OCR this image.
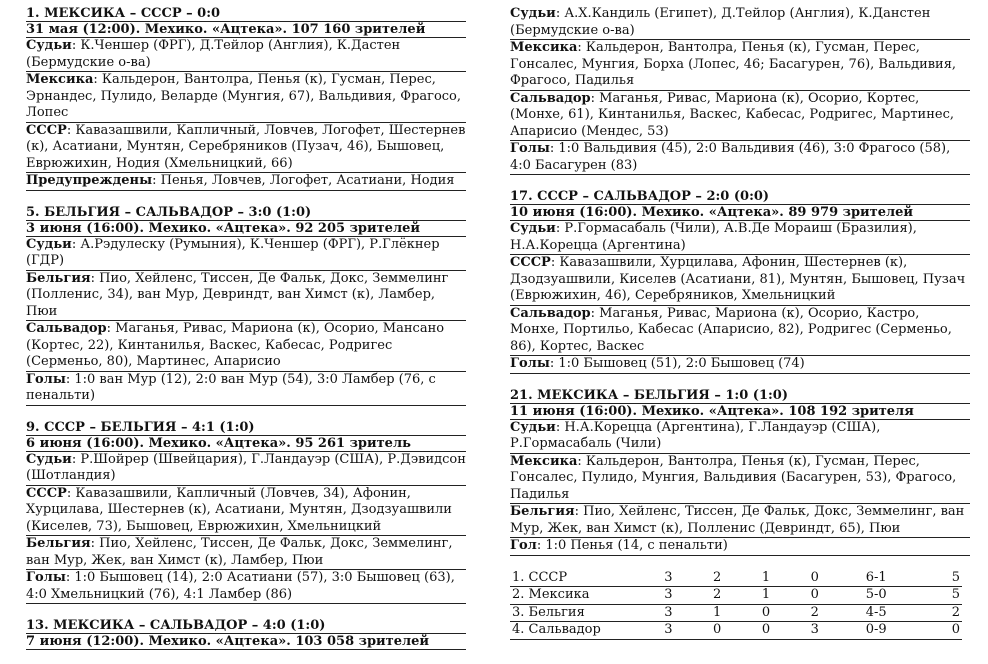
1. МЕКСИКА – СССР – 0:0
31 мая (12:00). Мехико. «Ацтека». 107 160 зрителей
Судьи: К.Ченшер (ФРГ), Д.Тейлор (Англия), К.Дастен (Бермудские о-ва)
Мексика: Кальдерон, Вантолра, Пенья (к), Гусман, Перес, Эрнандес, Пулидо, Веларде (Мунгия, 67), Вальдивия, Фрагосо, Лопес
СССР: Кавазашвили, Капличный, Ловчев, Логофет, Шестернев (к), Асатиани, Мунтян, Серебряников (Пузач, 46), Бышовец, Еврюжихин, Нодия (Хмельницкий, 66)
Предупреждены: Пенья, Ловчев, Логофет, Асатиани, Нодия
5. БЕЛЬГИЯ – САЛЬВАДОР – 3:0 (1:0)
3 июня (16:00). Мехико. «Ацтека». 92 205 зрителей
Судьи: А.Рэдулеску (Румыния), К.Ченшер (ФРГ), Р.Глёкнер (ГДР)
Бельгия: Пио, Хейленс, Тиссен, Де Фальк, Докс, Земмелинг (Полленис, 34), ван Мур, Девриндт, ван Химст (к), Ламбер, Пюи
Сальвадор: Маганья, Ривас, Мариона (к), Осорио, Мансано (Кортес, 22), Кинтанилья, Васкес, Кабесас, Родригес (Серменьо, 80), Мартинес, Апарисио
Голы: 1:0 ван Мур (12), 2:0 ван Мур (54), 3:0 Ламбер (76, с пенальти)
9. СССР – БЕЛЬГИЯ – 4:1 (1:0)
6 июня (16:00). Мехико. «Ацтека». 95 261 зритель
Судьи: Р.Шойрер (Швейцария), Г.Ландауэр (США), Р.Дэвидсон (Шотландия)
СССР: Кавазашвили, Капличный (Ловчев, 34), Афонин, Хурцилава, Шестернев (к), Асатиани, Мунтян, Дзодзуашвили (Киселев, 73), Бышовец, Еврюжихин, Хмельницкий
Бельгия: Пио, Хейленс, Тиссен, Де Фальк, Докс, Земмелинг, ван Мур, Жек, ван Химст (к), Ламбер, Пюи
Голы: 1:0 Бышовец (14), 2:0 Асатиани (57), 3:0 Бышовец (63), 4:0 Хмельницкий (76), 4:1 Ламбер (86)
13. МЕКСИКА – САЛЬВАДОР – 4:0 (1:0)
7 июня (12:00). Мехико. «Ацтека». 103 058 зрителей
Судьи: А.Х.Кандиль (Египет), Д.Тейлор (Англия), К.Данстен (Бермудские о-ва)
Мексика: Кальдерон, Вантолра, Пенья (к), Гусман, Перес, Гонсалес, Мунгия, Борха (Лопес, 46; Басагурен, 76), Вальдивия, Фрагосо, Падилья
Сальвадор: Маганья, Ривас, Мариона (к), Осорио, Кортес, (Монхе, 61), Кинтанилья, Васкес, Кабесас, Родригес, Мартинес, Апарисио (Мендес, 53)
Голы: 1:0 Вальдивия (45), 2:0 Вальдивия (46), 3:0 Фрагосо (58), 4:0 Басагурен (83)
17. СССР – САЛЬВАДОР – 2:0 (0:0)
10 июня (16:00). Мехико. «Ацтека». 89 979 зрителей
Судьи: Р.Гормасабаль (Чили), А.В.Де Мораиш (Бразилия), Н.А.Корецца (Аргентина)
СССР: Кавазашвили, Хурцилава, Афонин, Шестернев (к), Дзодзуашвили, Киселев (Асатиани, 81), Мунтян, Бышовец, Пузач (Еврюжихин, 46), Серебряников, Хмельницкий
Сальвадор: Маганья, Ривас, Мариона (к), Осорио, Кастро, Монхе, Портильо, Кабесас (Апарисио, 82), Родригес (Серменьо, 86), Кортес, Васкес
Голы: 1:0 Бышовец (51), 2:0 Бышовец (74)
21. МЕКСИКА – БЕЛЬГИЯ – 1:0 (1:0)
11 июня (16:00). Мехико. «Ацтека». 108 192 зрителя
Судьи: Н.А.Корецца (Аргентина), Г.Ландауэр (США), Р.Гормасабаль (Чили)
Мексика: Кальдерон, Вантолра, Пенья (к), Гусман, Перес, Гонсалес, Пулидо, Мунгия, Вальдивия (Басагурен, 53), Фрагосо, Падилья
Бельгия: Пио, Хейленс, Тиссен, Де Фальк, Докс, Земмелинг, ван Мур, Жек, ван Химст (к), Полленис (Девриндт, 65), Пюи
Гол: 1:0 Пенья (14, с пенальти)
1. СССР	3	2	1	0	6-1	5
2. Мексика	3	2	1	0	5-0	5
3. Бельгия	3	1	0	2	4-5	2
4. Сальвадор	3	0	0	3	0-9	0
